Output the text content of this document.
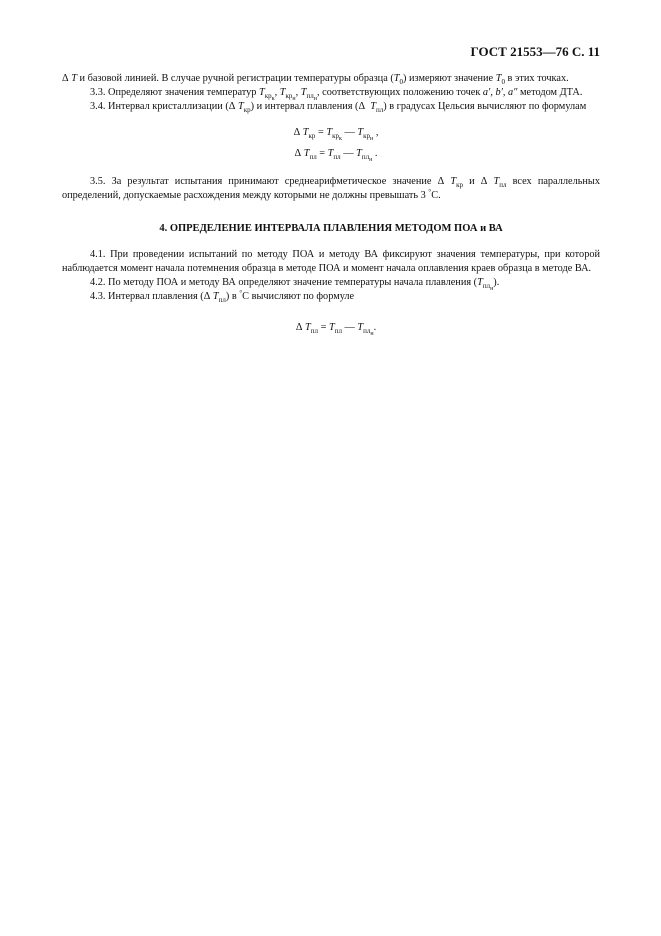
ГОСТ 21553—76 С. 11

Δ T и базовой линией. В случае ручной регистрации температуры образца $(T_0)$ измеряют значение $T_0$ в этих точках.

3.3. Определяют значения температур $T_{кр_к}$, $T_{кр_н}$, $T_{пл_н}$, соответствующих положению точек a′, b′, a″ методом ДТА.

3.4. Интервал кристаллизации (Δ $T_{кр}$) и интервал плавления (Δ $T_{пл}$) в градусах Цельсия вычисляют по формулам

Δ $T_{кр} = T_{кр_к}$ — $T_{кр_н}$ ,

Δ $T_{пл} = T_{пл}$ — $T_{пл_н}$ .

3.5. За результат испытания принимают среднеарифметическое значение Δ $T_{кр}$ и Δ $T_{пл}$ всех параллельных определений, допускаемые расхождения между которыми не должны превышать 3 °С.

4. ОПРЕДЕЛЕНИЕ ИНТЕРВАЛА ПЛАВЛЕНИЯ МЕТОДОМ ПОА и ВА

4.1. При проведении испытаний по методу ПОА и методу ВА фиксируют значения температуры, при которой наблюдается момент начала потемнения образца в методе ПОА и момент начала оплавления краев образца в методе ВА.

4.2. По методу ПОА и методу ВА определяют значение температуры начала плавления $(T_{пл_н})$.

4.3. Интервал плавления (Δ $T_{пл}$) в °С вычисляют по формуле

Δ $T_{пл} = T_{пл}$ — $T_{пл_н}$.
